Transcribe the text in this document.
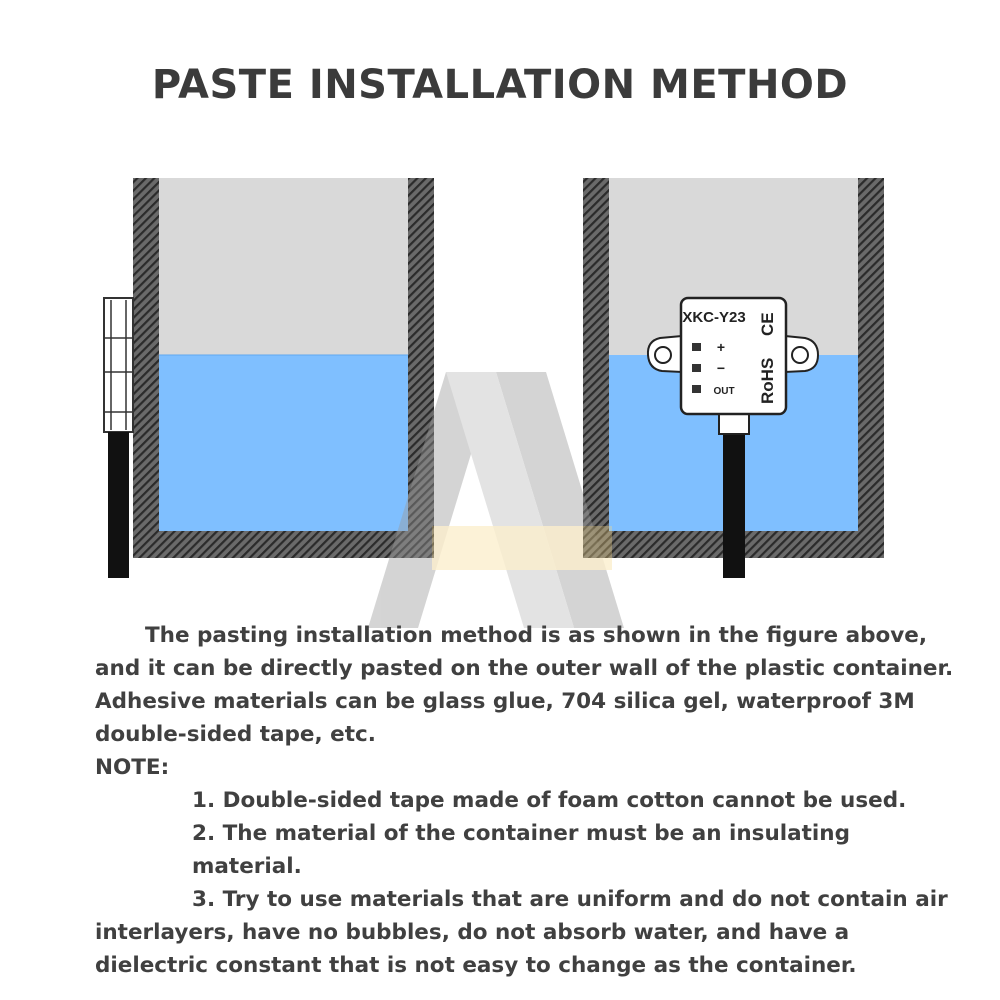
PASTE INSTALLATION METHOD
XKC-Y23
+
−
OUT RoHS
CE

The pasting installation method is as shown in the figure above, and it can be directly pasted on the outer wall of the plastic container. Adhesive materials can be glass glue, 704 silica gel, waterproof 3M double-sided tape, etc.

NOTE:

1. Double-sided tape made of foam cotton cannot be used.

2. The material of the container must be an insulating material.

3. Try to use materials that are uniform and do not contain air interlayers, have no bubbles, do not absorb water, and have a dielectric constant that is not easy to change as the container.
